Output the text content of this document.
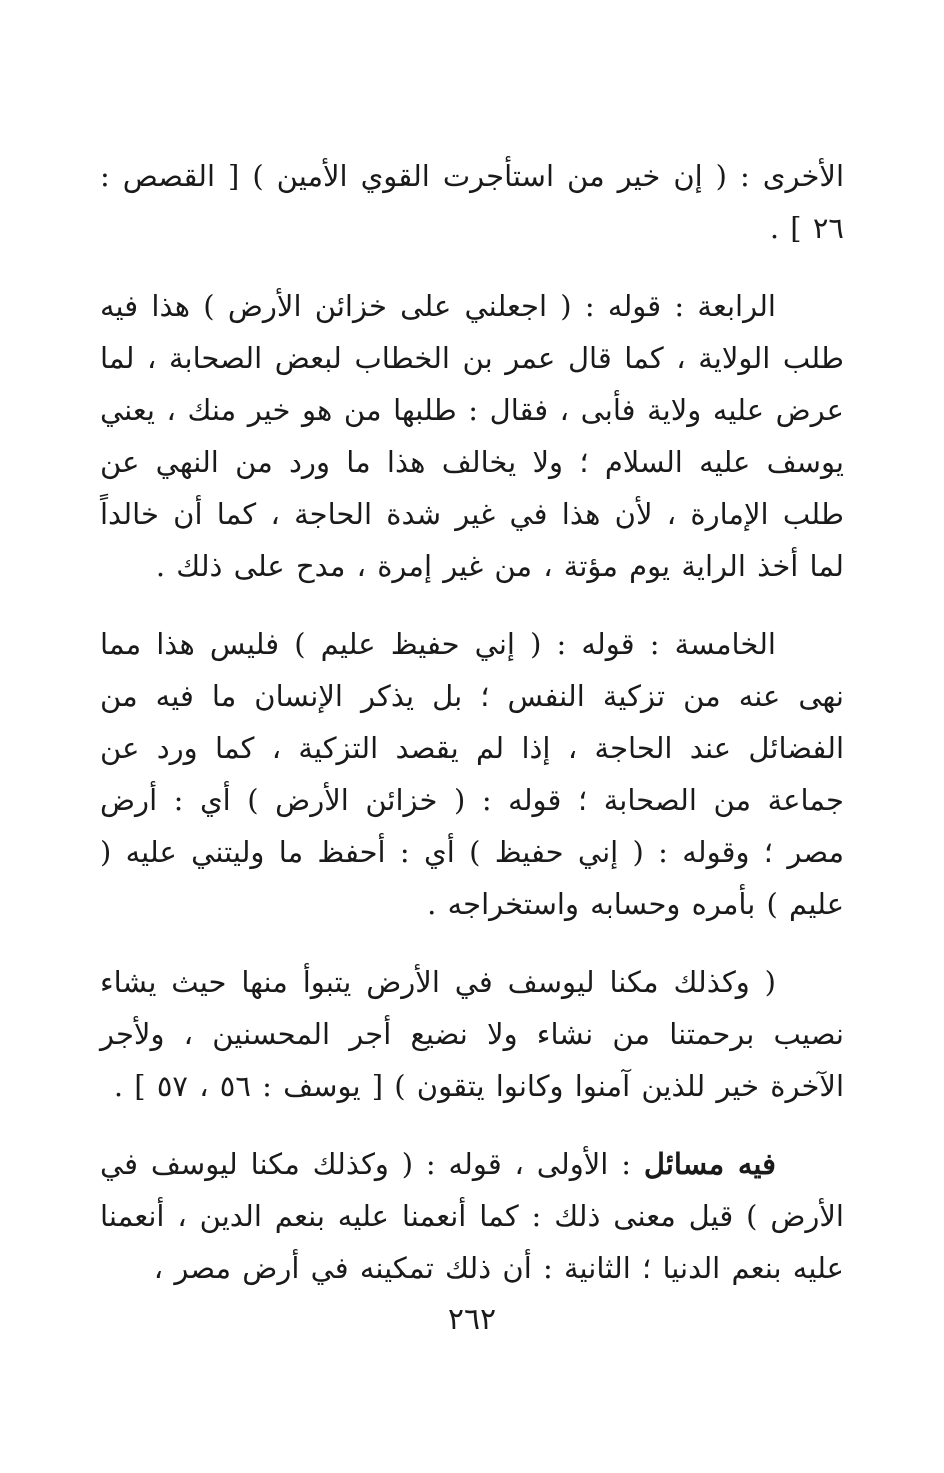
الأخرى : ( إن خير من استأجرت القوي الأمين ) [ القصص : ٢٦ ] .

الرابعة : قوله : ( اجعلني على خزائن الأرض ) هذا فيه طلب الولاية ، كما قال عمر بن الخطاب لبعض الصحابة ، لما عرض عليه ولاية فأبى ، فقال : طلبها من هو خير منك ، يعني يوسف عليه السلام ؛ ولا يخالف هذا ما ورد من النهي عن طلب الإمارة ، لأن هذا في غير شدة الحاجة ، كما أن خالداً لما أخذ الراية يوم مؤتة ، من غير إمرة ، مدح على ذلك .

الخامسة : قوله : ( إني حفيظ عليم ) فليس هذا مما نهى عنه من تزكية النفس ؛ بل يذكر الإنسان ما فيه من الفضائل عند الحاجة ، إذا لم يقصد التزكية ، كما ورد عن جماعة من الصحابة ؛ قوله : ( خزائن الأرض ) أي : أرض مصر ؛ وقوله : ( إني حفيظ ) أي : أحفظ ما وليتني عليه ( عليم ) بأمره وحسابه واستخراجه .

( وكذلك مكنا ليوسف في الأرض يتبوأ منها حيث يشاء نصيب برحمتنا من نشاء ولا نضيع أجر المحسنين ، ولأجر الآخرة خير للذين آمنوا وكانوا يتقون ) [ يوسف : ٥٦ ، ٥٧ ] .

فيه مسائل : الأولى ، قوله : ( وكذلك مكنا ليوسف في الأرض ) قيل معنى ذلك : كما أنعمنا عليه بنعم الدين ، أنعمنا عليه بنعم الدنيا ؛ الثانية : أن ذلك تمكينه في أرض مصر ،

٢٦٢
